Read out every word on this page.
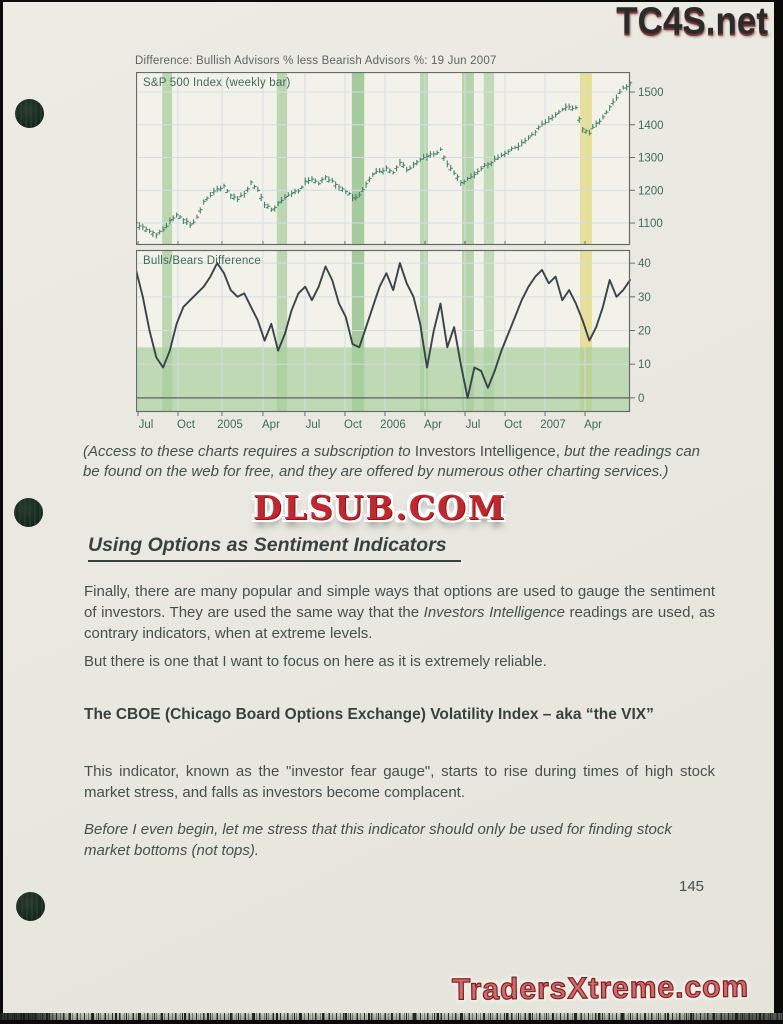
TC4S.net
Difference: Bullish Advisors % less Bearish Advisors %: 19 Jun 2007
1100
1200
1300
1400
1500
0
10
20
30
40
Jul Oct 2005 Apr Jul Oct 2006 Apr Jul Oct 2007 Apr
S&P 500 Index (weekly bar)
Bulls/Bears Difference
(Access to these charts requires a subscription to Investors Intelligence, but the readings can be found on the web for free, and they are offered by numerous other charting services.)
DLSUB.COM
Using Options as Sentiment Indicators
Finally, there are many popular and simple ways that options are used to gauge the sentiment of investors. They are used the same way that the Investors Intelligence readings are used, as contrary indicators, when at extreme levels.
But there is one that I want to focus on here as it is extremely reliable.
The CBOE (Chicago Board Options Exchange) Volatility Index – aka “the VIX”
This indicator, known as the "investor fear gauge", starts to rise during times of high stock market stress, and falls as investors become complacent.
Before I even begin, let me stress that this indicator should only be used for finding stock market bottoms (not tops).
145
TradersXtreme.com
